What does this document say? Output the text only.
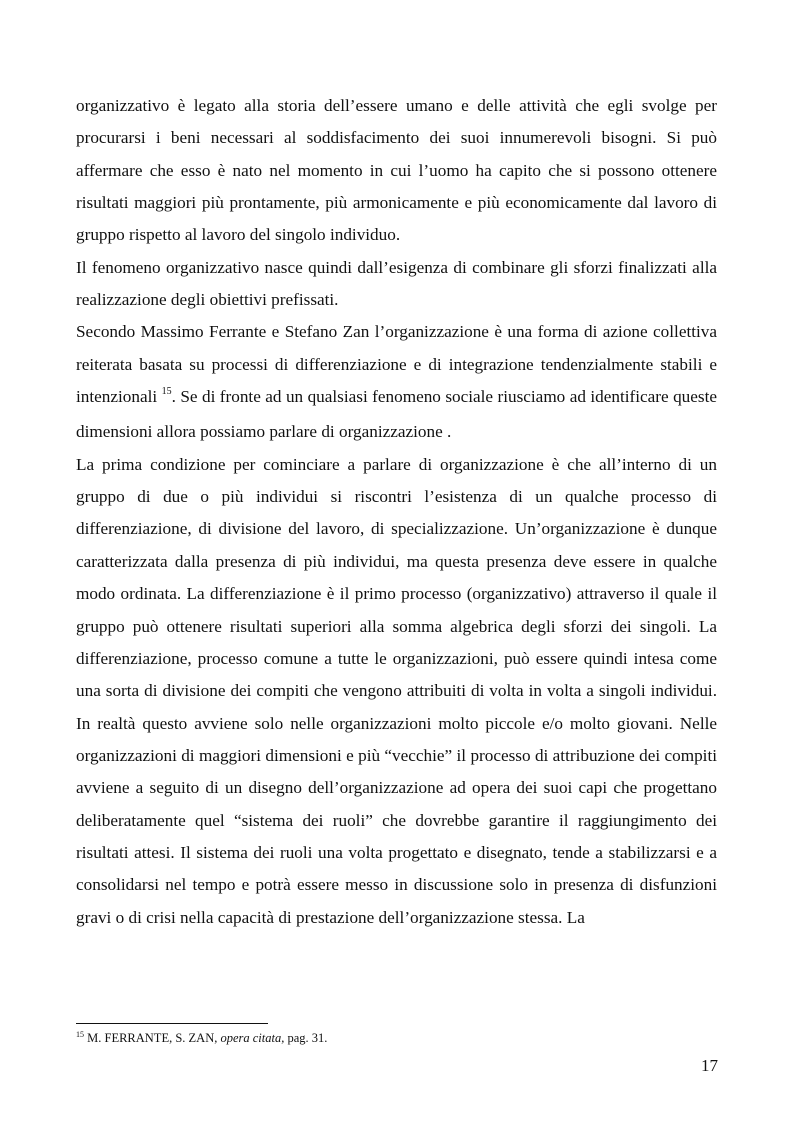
organizzativo è legato alla storia dell’essere umano e delle attività che egli svolge per procurarsi i beni necessari al soddisfacimento dei suoi innumerevoli bisogni. Si può affermare che esso è nato nel momento in cui l’uomo ha capito che si possono ottenere risultati maggiori più prontamente, più armonicamente e più economicamente dal lavoro di gruppo rispetto al lavoro del singolo individuo.

Il fenomeno organizzativo nasce quindi dall’esigenza di combinare gli sforzi finalizzati alla realizzazione degli obiettivi prefissati.

Secondo Massimo Ferrante e Stefano Zan l’organizzazione è una forma di azione collettiva reiterata basata su processi di differenziazione e di integrazione tendenzialmente stabili e intenzionali $^{15}$. Se di fronte ad un qualsiasi fenomeno sociale riusciamo ad identificare queste dimensioni allora possiamo parlare di organizzazione .

La prima condizione per cominciare a parlare di organizzazione è che all’interno di un gruppo di due o più individui si riscontri l’esistenza di un qualche processo di differenziazione, di divisione del lavoro, di specializzazione. Un’organizzazione è dunque caratterizzata dalla presenza di più individui, ma questa presenza deve essere in qualche modo ordinata. La differenziazione è il primo processo (organizzativo) attraverso il quale il gruppo può ottenere risultati superiori alla somma algebrica degli sforzi dei singoli. La differenziazione, processo comune a tutte le organizzazioni, può essere quindi intesa come una sorta di divisione dei compiti che vengono attribuiti di volta in volta a singoli individui. In realtà questo avviene solo nelle organizzazioni molto piccole e/o molto giovani. Nelle organizzazioni di maggiori dimensioni e più “vecchie” il processo di attribuzione dei compiti avviene a seguito di un disegno dell’organizzazione ad opera dei suoi capi che progettano deliberatamente quel “sistema dei ruoli” che dovrebbe garantire il raggiungimento dei risultati attesi. Il sistema dei ruoli una volta progettato e disegnato, tende a stabilizzarsi e a consolidarsi nel tempo e potrà essere messo in discussione solo in presenza di disfunzioni gravi o di crisi nella capacità di prestazione dell’organizzazione stessa. La

$^{15}$ M. FERRANTE, S. ZAN, opera citata, pag. 31.
17
